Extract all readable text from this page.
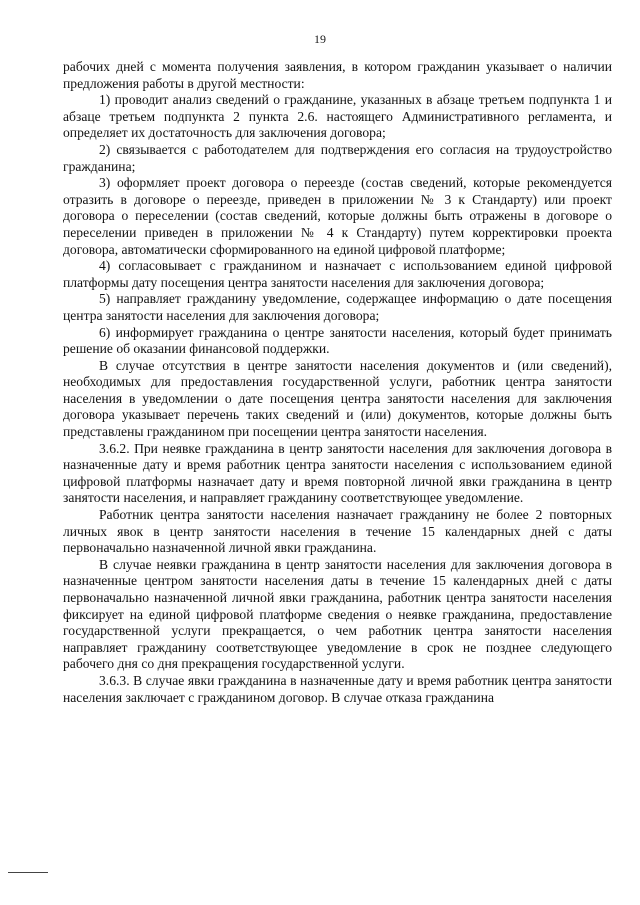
19

рабочих дней с момента получения заявления, в котором гражданин указывает о наличии предложения работы в другой местности:

1) проводит анализ сведений о гражданине, указанных в абзаце третьем подпункта 1 и абзаце третьем подпункта 2 пункта 2.6. настоящего Административного регламента, и определяет их достаточность для заключения договора;

2) связывается с работодателем для подтверждения его согласия на трудоустройство гражданина;

3) оформляет проект договора о переезде (состав сведений, которые рекомендуется отразить в договоре о переезде, приведен в приложении № 3 к Стандарту) или проект договора о переселении (состав сведений, которые должны быть отражены в договоре о переселении приведен в приложении № 4 к Стандарту) путем корректировки проекта договора, автоматически сформированного на единой цифровой платформе;

4) согласовывает с гражданином и назначает с использованием единой цифровой платформы дату посещения центра занятости населения для заключения договора;

5) направляет гражданину уведомление, содержащее информацию о дате посещения центра занятости населения для заключения договора;

6) информирует гражданина о центре занятости населения, который будет принимать решение об оказании финансовой поддержки.

В случае отсутствия в центре занятости населения документов и (или сведений), необходимых для предоставления государственной услуги, работник центра занятости населения в уведомлении о дате посещения центра занятости населения для заключения договора указывает перечень таких сведений и (или) документов, которые должны быть представлены гражданином при посещении центра занятости населения.

3.6.2. При неявке гражданина в центр занятости населения для заключения договора в назначенные дату и время работник центра занятости населения с использованием единой цифровой платформы назначает дату и время повторной личной явки гражданина в центр занятости населения, и направляет гражданину соответствующее уведомление.

Работник центра занятости населения назначает гражданину не более 2 повторных личных явок в центр занятости населения в течение 15 календарных дней с даты первоначально назначенной личной явки гражданина.

В случае неявки гражданина в центр занятости населения для заключения договора в назначенные центром занятости населения даты в течение 15 календарных дней с даты первоначально назначенной личной явки гражданина, работник центра занятости населения фиксирует на единой цифровой платформе сведения о неявке гражданина, предоставление государственной услуги прекращается, о чем работник центра занятости населения направляет гражданину соответствующее уведомление в срок не позднее следующего рабочего дня со дня прекращения государственной услуги.

3.6.3. В случае явки гражданина в назначенные дату и время работник центра занятости населения заключает с гражданином договор. В случае отказа гражданина
